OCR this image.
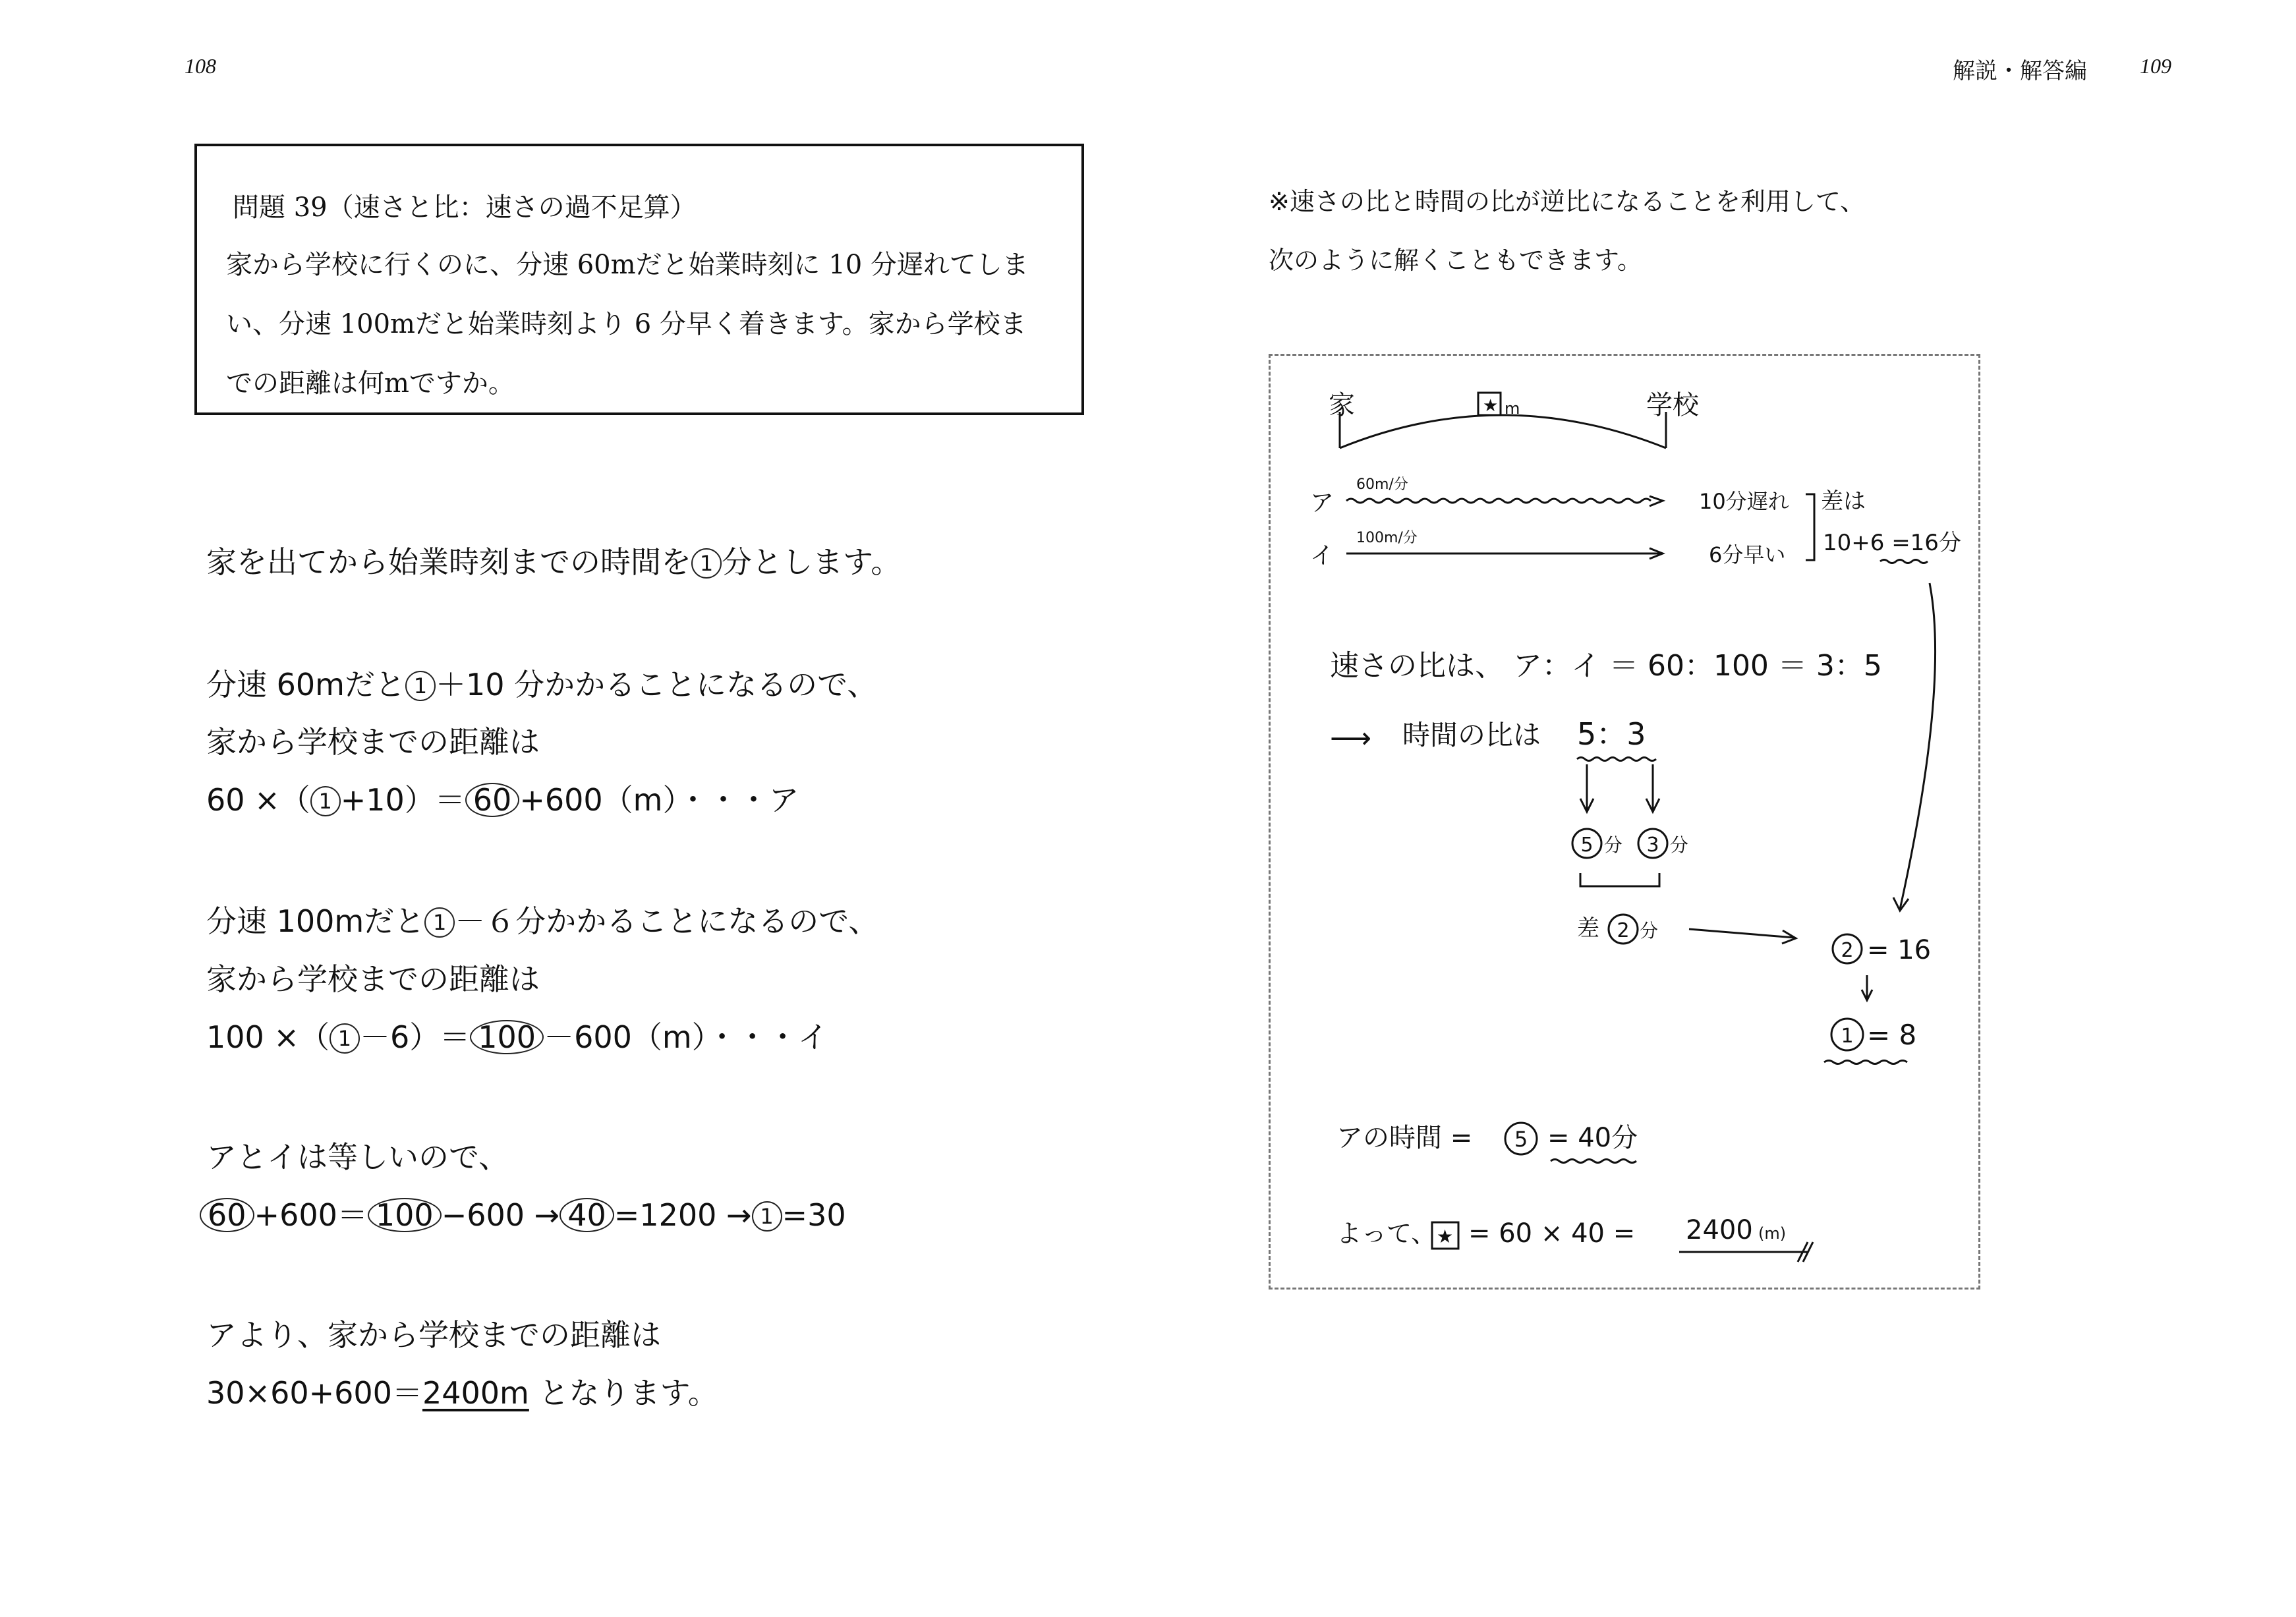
108	解説・解答編	109
問題 39（速さと比：速さの過不足算）
家から学校に行くのに、分速 60mだと始業時刻に 10 分遅れてしま
い、分速 100mだと始業時刻より 6 分早く着きます。家から学校ま
での距離は何mですか。
家を出てから始業時刻までの時間を 1 分とします。
分速 60mだと 1 ＋10 分かかることになるので、
家から学校までの距離は
60 ×（ 1 +10）＝ 60 +600（m）・・・ア
分速 100mだと 1 －６分かかることになるので、
家から学校までの距離は
100 ×（ 1 －6）＝ 100 －600（m）・・・イ
アとイは等しいので、
60 +600＝ 100 −600 → 40 =1200 → 1 =30
アより、家から学校までの距離は
30×60+600＝2400m となります。
※速さの比と時間の比が逆比になることを利用して、
次のように解くこともできます。
家	★ m	学校
ア
60m/分
10分遅れ
イ
100m/分
6分早い
差は
10+6 =16分
速さの比は、 ア：イ ＝ 60：100 ＝ 3：5
⟶ 時間の比は 5：3
5 分 3 分
差 2 分
2 = 16
1 = 8
アの時間 = 5 = 40分
よって、 ★ = 60 × 40 = 2400 (m)
